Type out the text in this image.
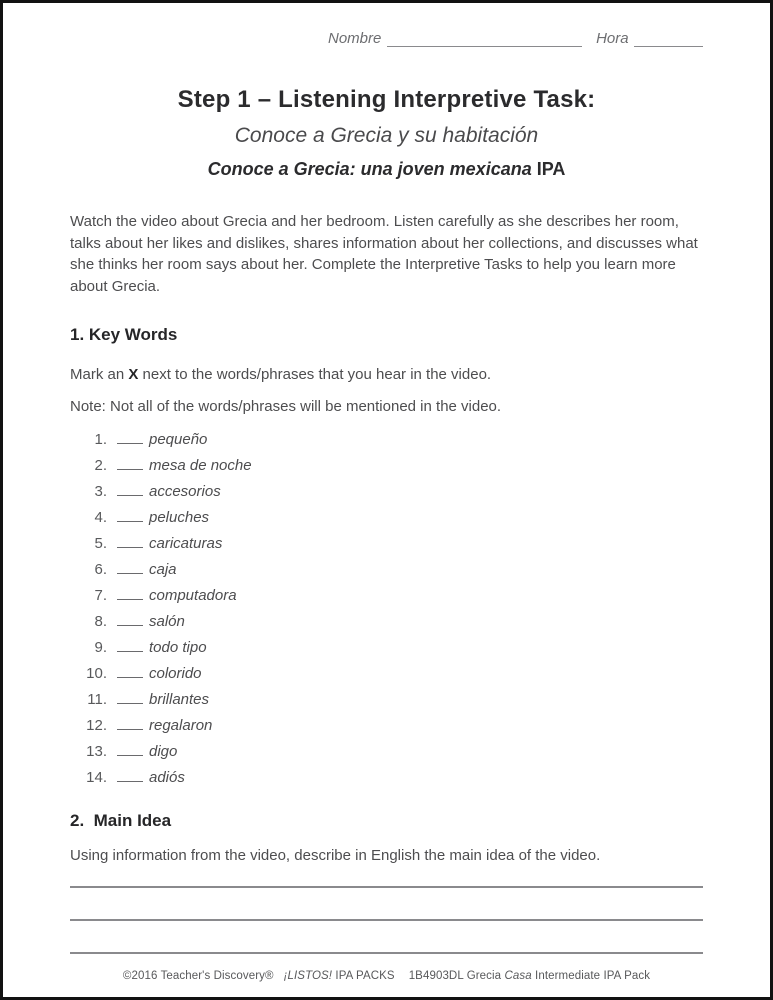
Nombre	Hora
Step 1 – Listening Interpretive Task:
Conoce a Grecia y su habitación
Conoce a Grecia: una joven mexicana IPA

Watch the video about Grecia and her bedroom. Listen carefully as she describes her room, talks about her likes and dislikes, shares information about her collections, and discusses what she thinks her room says about her. Complete the Interpretive Tasks to help you learn more about Grecia.

1. Key Words

Mark an X next to the words/phrases that you hear in the video.

Note: Not all of the words/phrases will be mentioned in the video.

1.	pequeño
2.	mesa de noche
3.	accesorios
4.	peluches
5.	caricaturas
6.	caja
7.	computadora
8.	salón
9.	todo tipo
10.	colorido
11.	brillantes
12.	regalaron
13.	digo
14.	adiós
2.  Main Idea

Using information from the video, describe in English the main idea of the video.

©2016 Teacher's Discovery® ¡LISTOS! IPA PACKS 1B4903DL Grecia Casa Intermediate IPA Pack
